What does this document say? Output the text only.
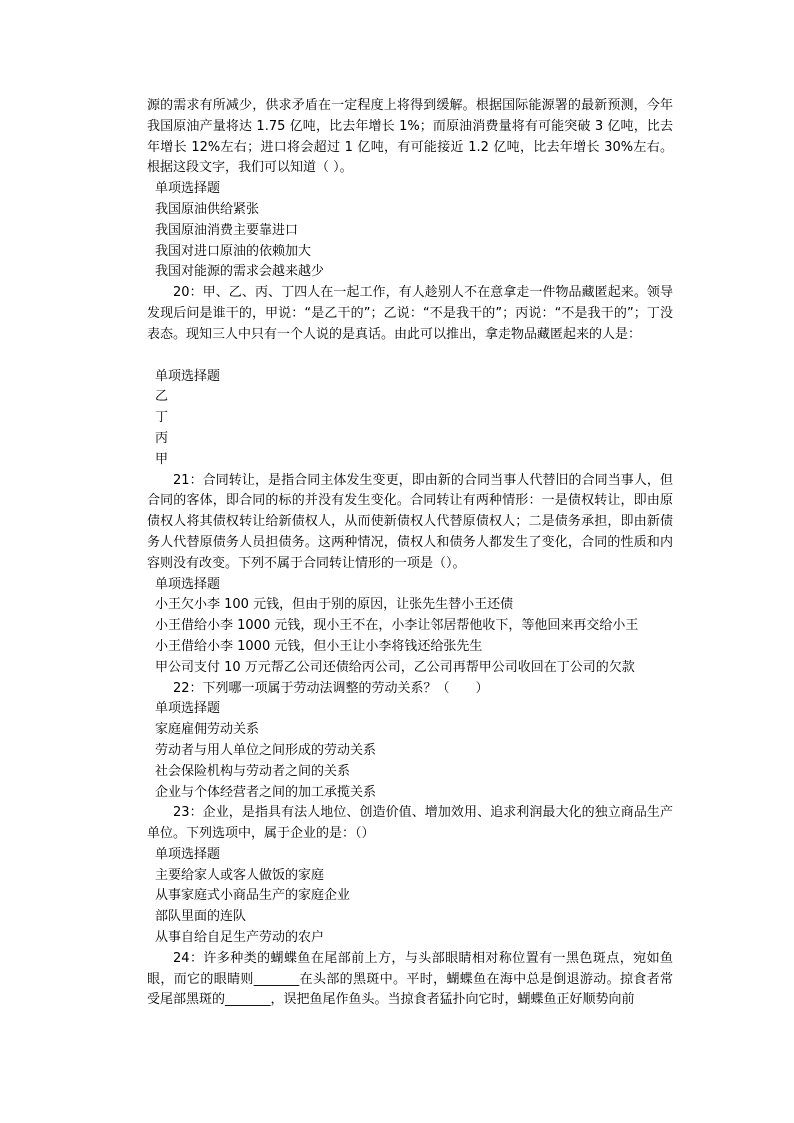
源的需求有所减少，供求矛盾在一定程度上将得到缓解。根据国际能源署的最新预测，今年我国原油产量将达 1.75 亿吨，比去年增长 1%；而原油消费量将有可能突破 3 亿吨，比去　年增长 12%左右；进口将会超过 1 亿吨，有可能接近 1.2 亿吨，比去年增长 30%左右。根据这段文字，我们可以知道（ ）。

单项选择题

我国原油供给紧张

我国原油消费主要靠进口

我国对进口原油的依赖加大

我国对能源的需求会越来越少

20：甲、乙、丙、丁四人在一起工作，有人趁别人不在意拿走一件物品藏匿起来。领导发现后问是谁干的，甲说：“是乙干的”；乙说：“不是我干的”；丙说：“不是我干的”；丁没表态。现知三人中只有一个人说的是真话。由此可以推出，拿走物品藏匿起来的人是：

单项选择题

乙

丁

丙

甲

21：合同转让，是指合同主体发生变更，即由新的合同当事人代替旧的合同当事人，但合同的客体，即合同的标的并没有发生变化。合同转让有两种情形：一是债权转让，即由原债权人将其债权转让给新债权人，从而使新债权人代替原债权人；二是债务承担，即由新债务人代替原债务人员担债务。这两种情况，债权人和债务人都发生了变化，合同的性质和内容则没有改变。下列不属于合同转让情形的一项是（）。

单项选择题

小王欠小李 100 元钱，但由于别的原因，让张先生替小王还债

小王借给小李 1000 元钱，现小王不在，小李让邻居帮他收下，等他回来再交给小王

小王借给小李 1000 元钱，但小王让小李将钱还给张先生

甲公司支付 10 万元帮乙公司还债给丙公司，乙公司再帮甲公司收回在丁公司的欠款

22：下列哪一项属于劳动法调整的劳动关系？（　　）

单项选择题

家庭雇佣劳动关系

劳动者与用人单位之间形成的劳动关系

社会保险机构与劳动者之间的关系

企业与个体经营者之间的加工承揽关系

23：企业，是指具有法人地位、创造价值、增加效用、追求利润最大化的独立商品生产单位。下列选项中，属于企业的是：（）

单项选择题

主要给家人或客人做饭的家庭

从事家庭式小商品生产的家庭企业

部队里面的连队

从事自给自足生产劳动的农户

24：许多种类的蝴蝶鱼在尾部前上方，与头部眼睛相对称位置有一黑色斑点，宛如鱼眼，而它的眼睛则_______在头部的黑斑中。平时，蝴蝶鱼在海中总是倒退游动。掠食者常受尾部黑斑的_______，误把鱼尾作鱼头。当掠食者猛扑向它时，蝴蝶鱼正好顺势向前
